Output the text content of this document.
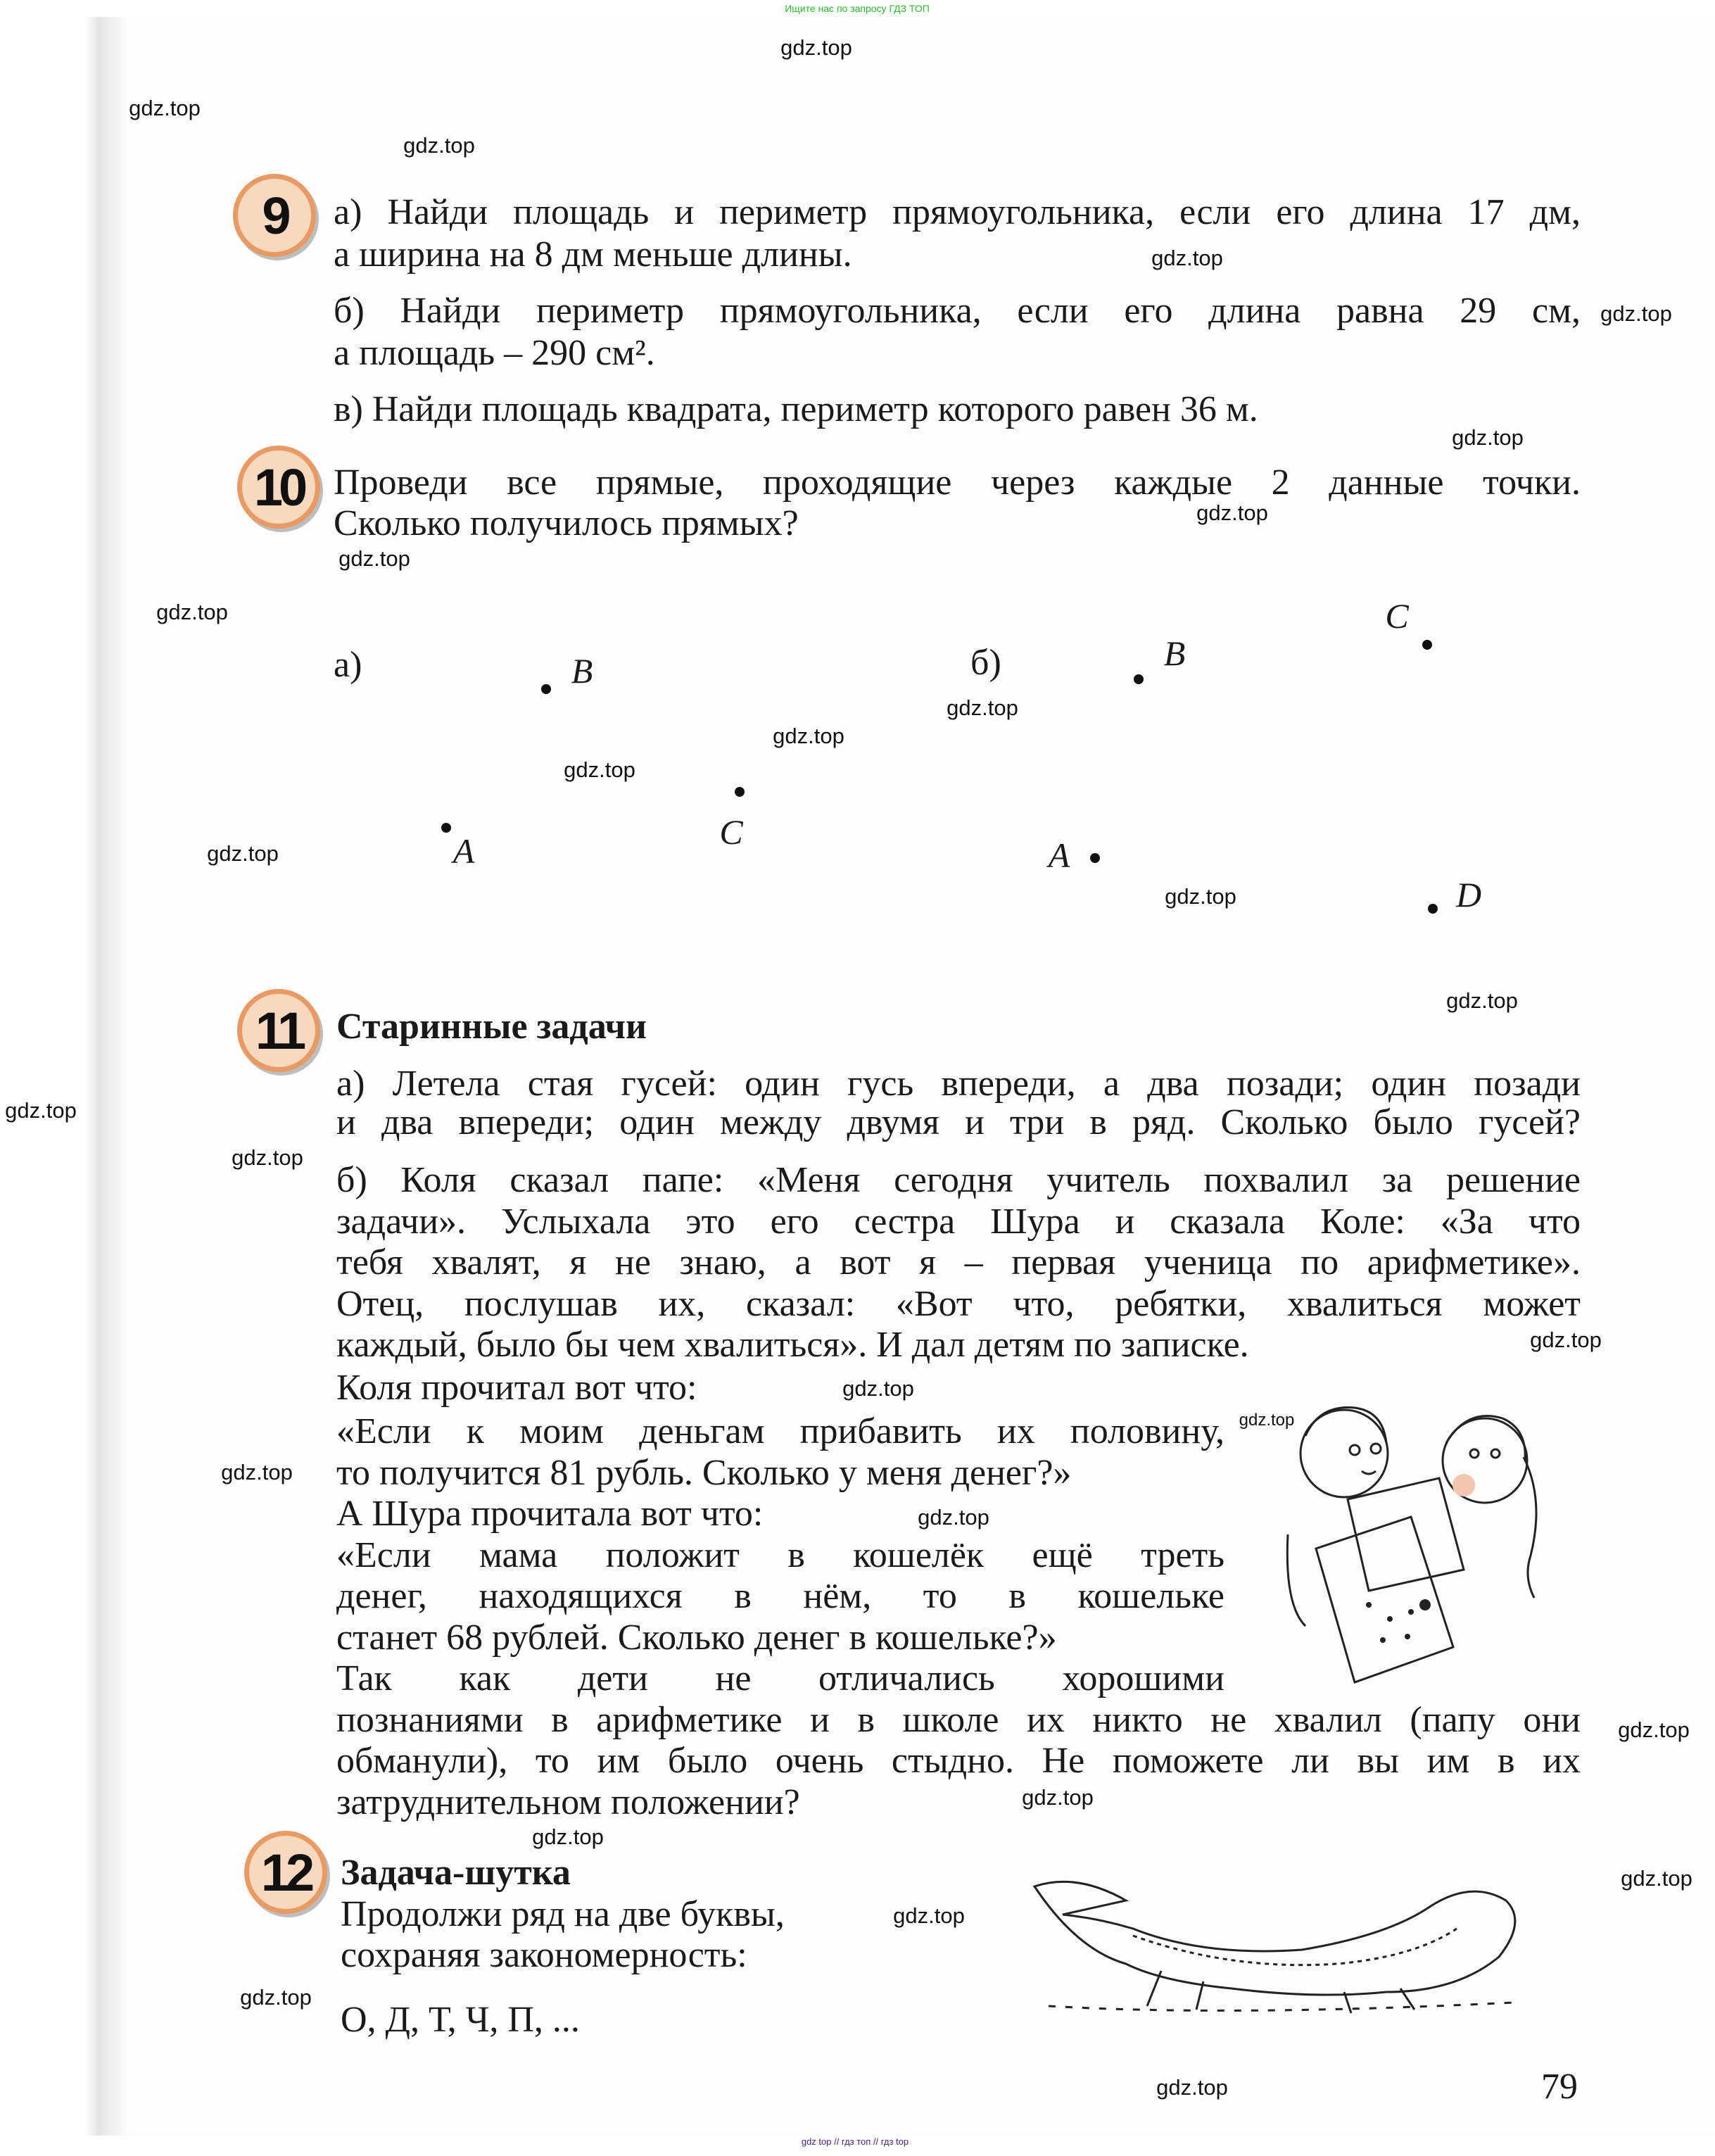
Ищите нас по запросу ГДЗ ТОП
9	а) Найди площадь и периметр прямоугольника, если его длина 17 дм,
а ширина на 8 дм меньше длины.
б) Найди периметр прямоугольника, если его длина равна 29 см,
а площадь – 290 см².
в) Найди площадь квадрата, периметр которого равен 36 м.
10 Проведи все прямые, проходящие через каждые 2 данные точки.
Сколько получилось прямых?
а)	B
C
A
б)	B
C
A
D
11 Старинные задачи
а) Летела стая гусей: один гусь впереди, а два позади; один позади
и два впереди; один между двумя и три в ряд. Сколько было гусей?
б) Коля сказал папе: «Меня сегодня учитель похвалил за решение
задачи». Услыхала это его сестра Шура и сказала Коле: «За что
тебя хвалят, я не знаю, а вот я – первая ученица по арифметике».
Отец, послушав их, сказал: «Вот что, ребятки, хвалиться может
каждый, было бы чем хвалиться». И дал детям по записке.
Коля прочитал вот что:
«Если к моим деньгам прибавить их половину,
то получится 81 рубль. Сколько у меня денег?»
А Шура прочитала вот что:
«Если мама положит в кошелёк ещё треть
денег, находящихся в нём, то в кошельке
станет 68 рублей. Сколько денег в кошельке?»
Так как дети не отличались хорошими
познаниями в арифметике и в школе их никто не хвалил (папу они
обманули), то им было очень стыдно. Не поможете ли вы им в их
затруднительном положении?
12 Задача-шутка
Продолжи ряд на две буквы,
сохраняя закономерность:
О, Д, Т, Ч, П, ...
79
gdz.top
gdz.top
gdz.top
gdz.top
gdz.top
gdz.top
gdz.top
gdz.top
gdz.top
gdz.top
gdz.top
gdz.top
gdz.top
gdz.top
gdz.top
gdz.top
gdz.top
gdz.top
gdz.top
gdz.top
gdz.top
gdz.top
gdz.top
gdz.top
gdz.top
gdz.top
gdz.top
gdz.top
gdz.top
gdz top // гдз топ // гдз top
